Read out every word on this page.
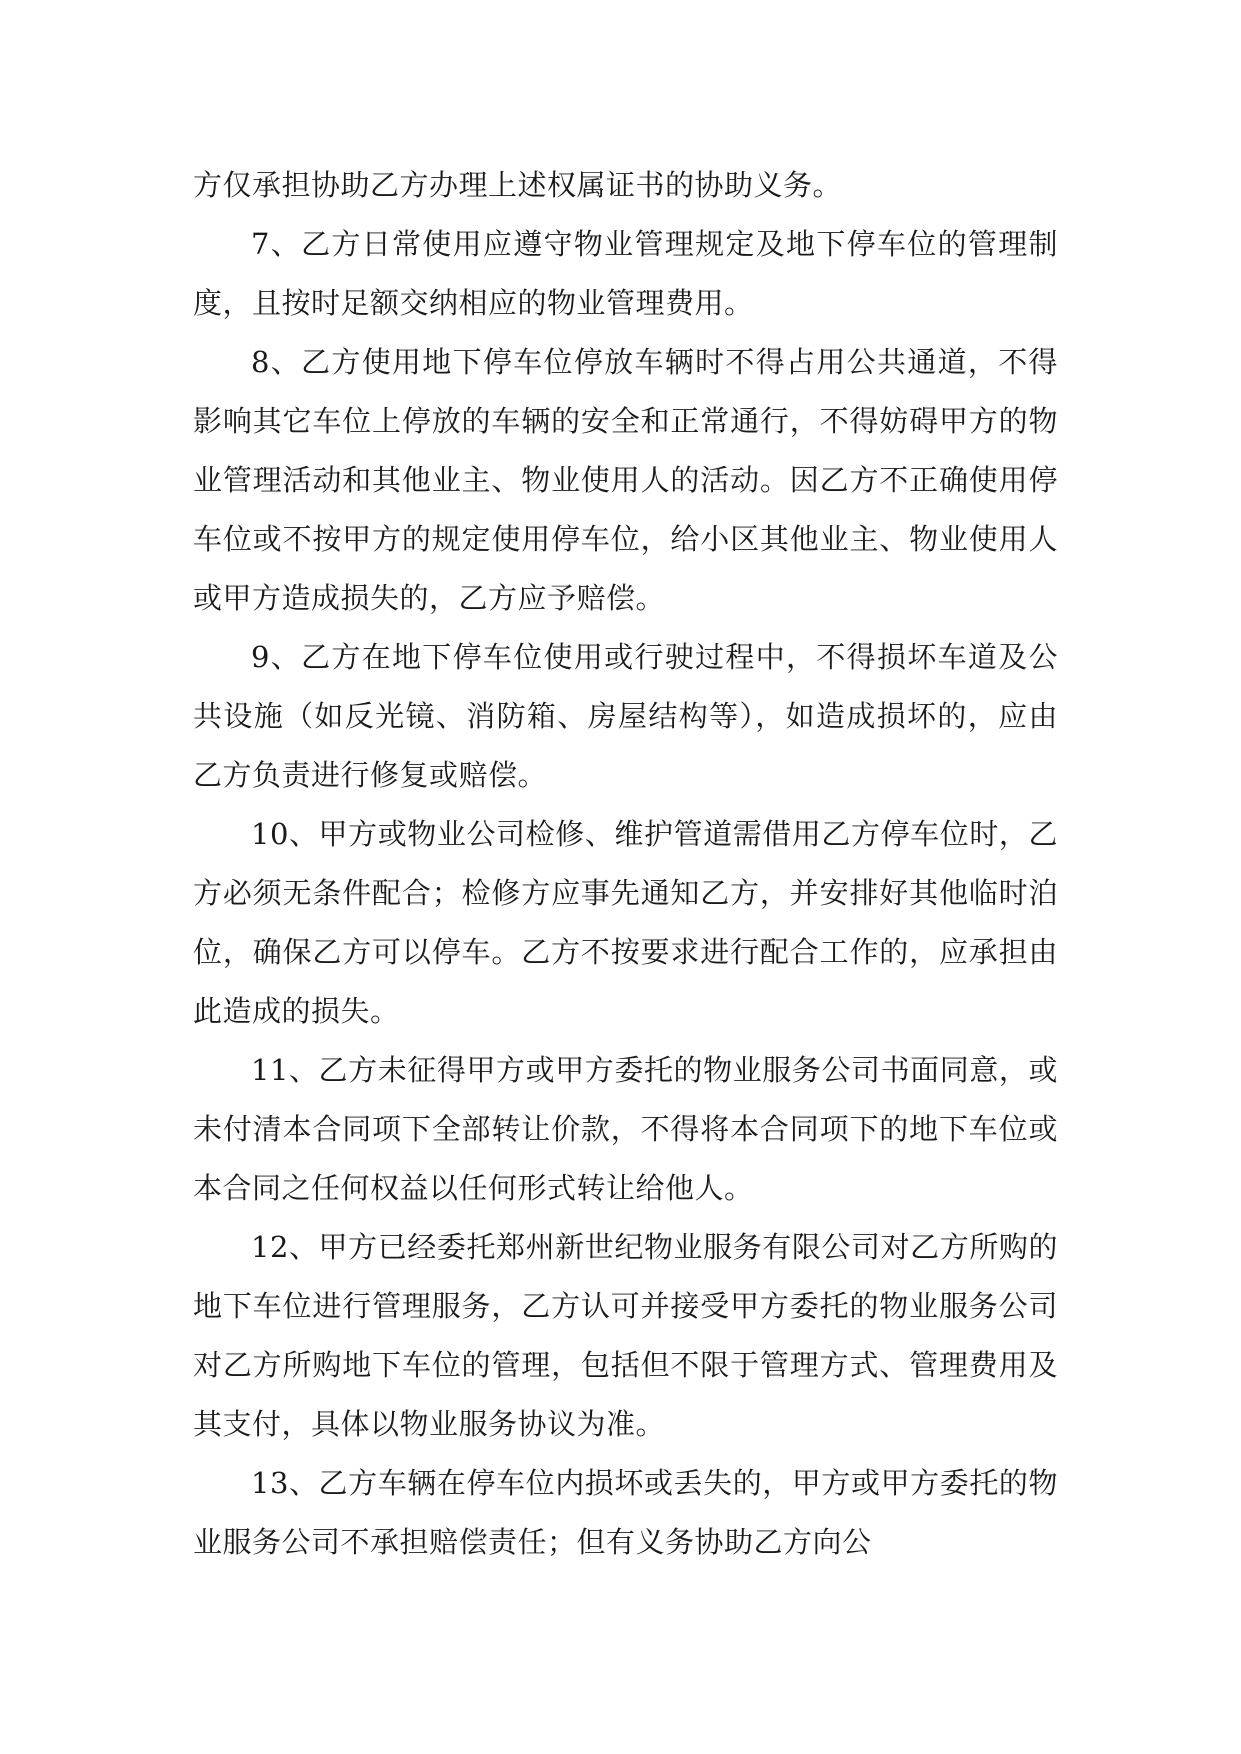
方仅承担协助乙方办理上述权属证书的协助义务。

7、乙方日常使用应遵守物业管理规定及地下停车位的管理制度，且按时足额交纳相应的物业管理费用。

8、乙方使用地下停车位停放车辆时不得占用公共通道，不得影响其它车位上停放的车辆的安全和正常通行，不得妨碍甲方的物业管理活动和其他业主、物业使用人的活动。因乙方不正确使用停车位或不按甲方的规定使用停车位，给小区其他业主、物业使用人或甲方造成损失的，乙方应予赔偿。

9、乙方在地下停车位使用或行驶过程中，不得损坏车道及公共设施（如反光镜、消防箱、房屋结构等），如造成损坏的，应由乙方负责进行修复或赔偿。

10、甲方或物业公司检修、维护管道需借用乙方停车位时，乙方必须无条件配合；检修方应事先通知乙方，并安排好其他临时泊位，确保乙方可以停车。乙方不按要求进行配合工作的，应承担由此造成的损失。

11、乙方未征得甲方或甲方委托的物业服务公司书面同意，或未付清本合同项下全部转让价款，不得将本合同项下的地下车位或本合同之任何权益以任何形式转让给他人。

12、甲方已经委托郑州新世纪物业服务有限公司对乙方所购的地下车位进行管理服务，乙方认可并接受甲方委托的物业服务公司对乙方所购地下车位的管理，包括但不限于管理方式、管理费用及其支付，具体以物业服务协议为准。

13、乙方车辆在停车位内损坏或丢失的，甲方或甲方委托的物业服务公司不承担赔偿责任；但有义务协助乙方向公
